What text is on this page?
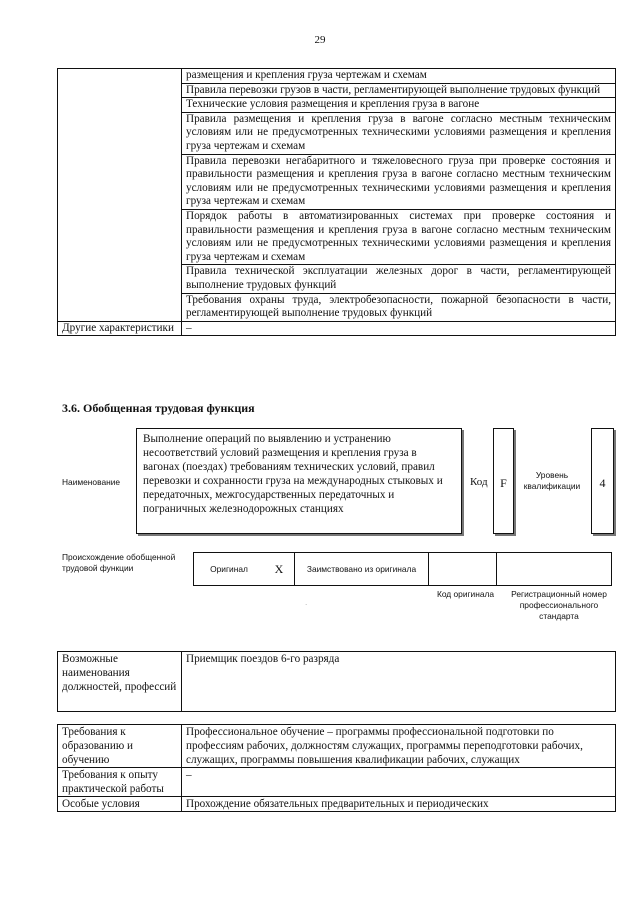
29
	размещения и крепления груза чертежам и схемам
	Правила перевозки грузов в части, регламентирующей выполнение трудовых функций
	Технические условия размещения и крепления груза в вагоне
	Правила размещения и крепления груза в вагоне согласно местным техническим условиям или не предусмотренных техническими условиями размещения и крепления груза чертежам и схемам
	Правила перевозки негабаритного и тяжеловесного груза при проверке состояния и правильности размещения и крепления груза в вагоне согласно местным техническим условиям или не предусмотренных техническими условиями размещения и крепления груза чертежам и схемам
	Порядок работы в автоматизированных системах при проверке состояния и правильности размещения и крепления груза в вагоне согласно местным техническим условиям или не предусмотренных техническими условиями размещения и крепления груза чертежам и схемам
	Правила технической эксплуатации железных дорог в части, регламентирующей выполнение трудовых функций
	Требования охраны труда, электробезопасности, пожарной безопасности в части, регламентирующей выполнение трудовых функций
Другие характеристики	–
3.6. Обобщенная трудовая функция
Наименование
Выполнение операций по выявлению и устранению несоответствий условий размещения и крепления груза в вагонах (поездах) требованиям технических условий, правил перевозки и сохранности груза на международных стыковых и передаточных, межгосударственных передаточных и пограничных железнодорожных станциях
Код	F
Уровень квалификации	4
Происхождение обобщенной трудовой функции	Оригинал	X	Заимствовано из оригинала		
Код оригинала	Регистрационный номер профессионального стандарта
´
Возможные наименования должностей, профессий	Приемщик поездов 6-го разряда
Требования к образованию и обучению	Профессиональное обучение – программы профессиональной подготовки по профессиям рабочих, должностям служащих, программы переподготовки рабочих, служащих, программы повышения квалификации рабочих, служащих
Требования к опыту практической работы	–
Особые условия	Прохождение обязательных предварительных и периодических
